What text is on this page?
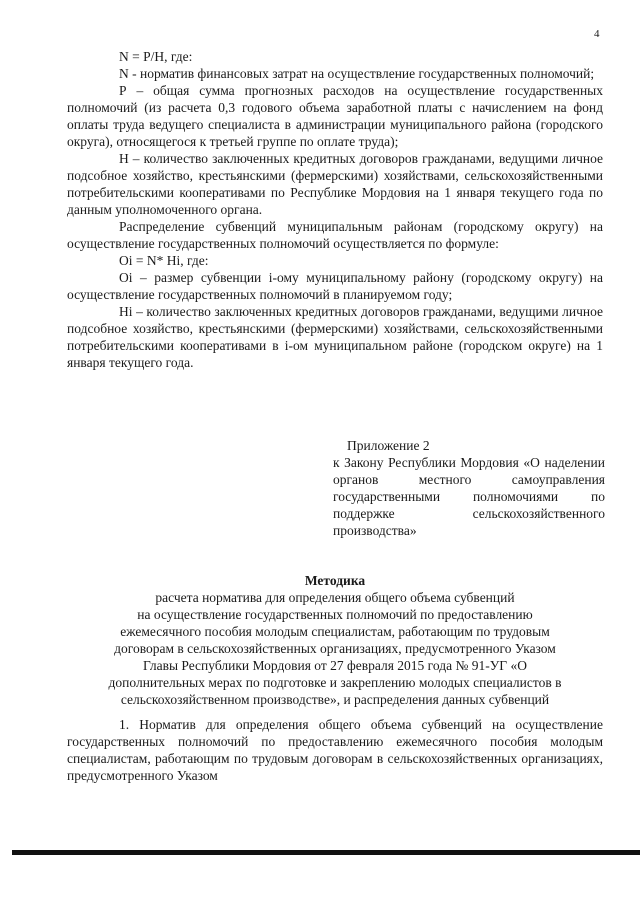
4

N = Р/Н, где:

N - норматив финансовых затрат на осуществление государственных полномочий;

Р – общая сумма прогнозных расходов на осуществление государственных полномочий (из расчета 0,3 годового объема заработной платы с начислением на фонд оплаты труда ведущего специалиста в администрации муниципального района (городского округа), относящегося к третьей группе по оплате труда);

Н – количество заключенных кредитных договоров гражданами, ведущими личное подсобное хозяйство, крестьянскими (фермерскими) хозяйствами, сельскохозяйственными потребительскими кооперативами по Республике Мордовия на 1 января текущего года по данным уполномоченного органа.

Распределение субвенций муниципальным районам (городскому округу) на осуществление государственных полномочий осуществляется по формуле:

Оi = N* Нi, где:

Оi – размер субвенции i-ому муниципальному району (городскому округу) на осуществление государственных полномочий в планируемом году;

Нi – количество заключенных кредитных договоров гражданами, ведущими личное подсобное хозяйство, крестьянскими (фермерскими) хозяйствами, сельскохозяйственными потребительскими кооперативами в i-ом муниципальном районе (городском округе) на 1 января текущего года.

Приложение 2

к Закону Республики Мордовия «О наделении органов местного самоуправления государственными полномочиями по поддержке сельскохозяйственного производства»

Методика

расчета норматива для определения общего объема субвенций

на осуществление государственных полномочий по предоставлению

ежемесячного пособия молодым специалистам, работающим по трудовым

договорам в сельскохозяйственных организациях, предусмотренного Указом

Главы Республики Мордовия от 27 февраля 2015 года № 91-УГ «О

дополнительных мерах по подготовке и закреплению молодых специалистов в

сельскохозяйственном производстве», и распределения данных субвенций

1. Норматив для определения общего объема субвенций на осуществление государственных полномочий по предоставлению ежемесячного пособия молодым специалистам, работающим по трудовым договорам в сельскохозяйственных организациях, предусмотренного Указом
